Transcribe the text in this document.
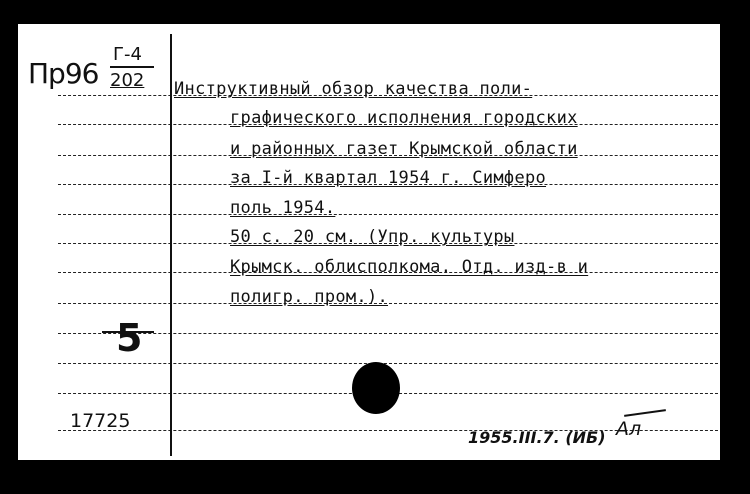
Пр96
Г-4
202 Инструктивный обзор качества поли-
графического исполнения городских
и районных газет Крымской области
за I-й квартал 1954 г. Симферо
поль 1954.
50 с. 20 см. (Упр. культуры
Крымск. облисполкома. Отд. изд-в и
полигр. пром.).
5
17725
1955.III.7. (ИБ) Ал
